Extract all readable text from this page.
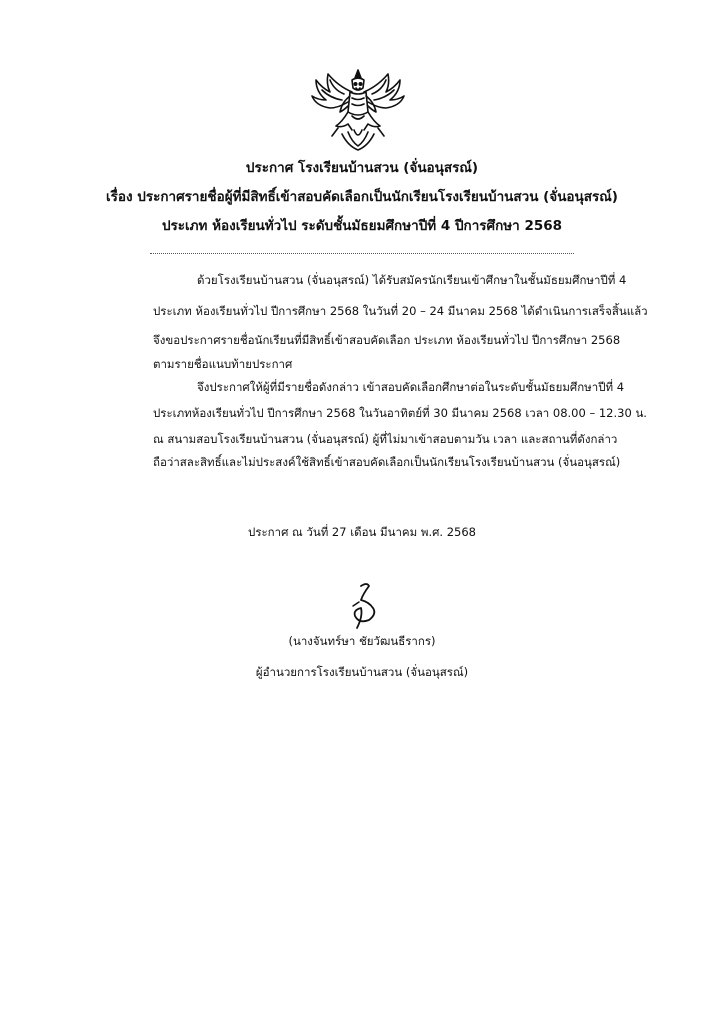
ประกาศ โรงเรียนบ้านสวน (จั่นอนุสรณ์)
เรื่อง ประกาศรายชื่อผู้ที่มีสิทธิ์เข้าสอบคัดเลือกเป็นนักเรียนโรงเรียนบ้านสวน (จั่นอนุสรณ์)
ประเภท ห้องเรียนทั่วไป ระดับชั้นมัธยมศึกษาปีที่ 4 ปีการศึกษา 2568
ด้วยโรงเรียนบ้านสวน (จั่นอนุสรณ์) ได้รับสมัครนักเรียนเข้าศึกษาในชั้นมัธยมศึกษาปีที่ 4
ประเภท ห้องเรียนทั่วไป ปีการศึกษา 2568 ในวันที่ 20 – 24 มีนาคม 2568 ได้ดำเนินการเสร็จสิ้นแล้ว
จึงขอประกาศรายชื่อนักเรียนที่มีสิทธิ์เข้าสอบคัดเลือก ประเภท ห้องเรียนทั่วไป ปีการศึกษา 2568
ตามรายชื่อแนบท้ายประกาศ
จึงประกาศให้ผู้ที่มีรายชื่อดังกล่าว เข้าสอบคัดเลือกศึกษาต่อในระดับชั้นมัธยมศึกษาปีที่ 4
ประเภทห้องเรียนทั่วไป ปีการศึกษา 2568 ในวันอาทิตย์ที่ 30 มีนาคม 2568 เวลา 08.00 – 12.30 น.
ณ สนามสอบโรงเรียนบ้านสวน (จั่นอนุสรณ์) ผู้ที่ไม่มาเข้าสอบตามวัน เวลา และสถานที่ดังกล่าว
ถือว่าสละสิทธิ์และไม่ประสงค์ใช้สิทธิ์เข้าสอบคัดเลือกเป็นนักเรียนโรงเรียนบ้านสวน (จั่นอนุสรณ์)
ประกาศ ณ วันที่ 27 เดือน มีนาคม พ.ศ. 2568
(นางจันทร์ษา ชัยวัฒนธีรากร)
ผู้อำนวยการโรงเรียนบ้านสวน (จั่นอนุสรณ์)
